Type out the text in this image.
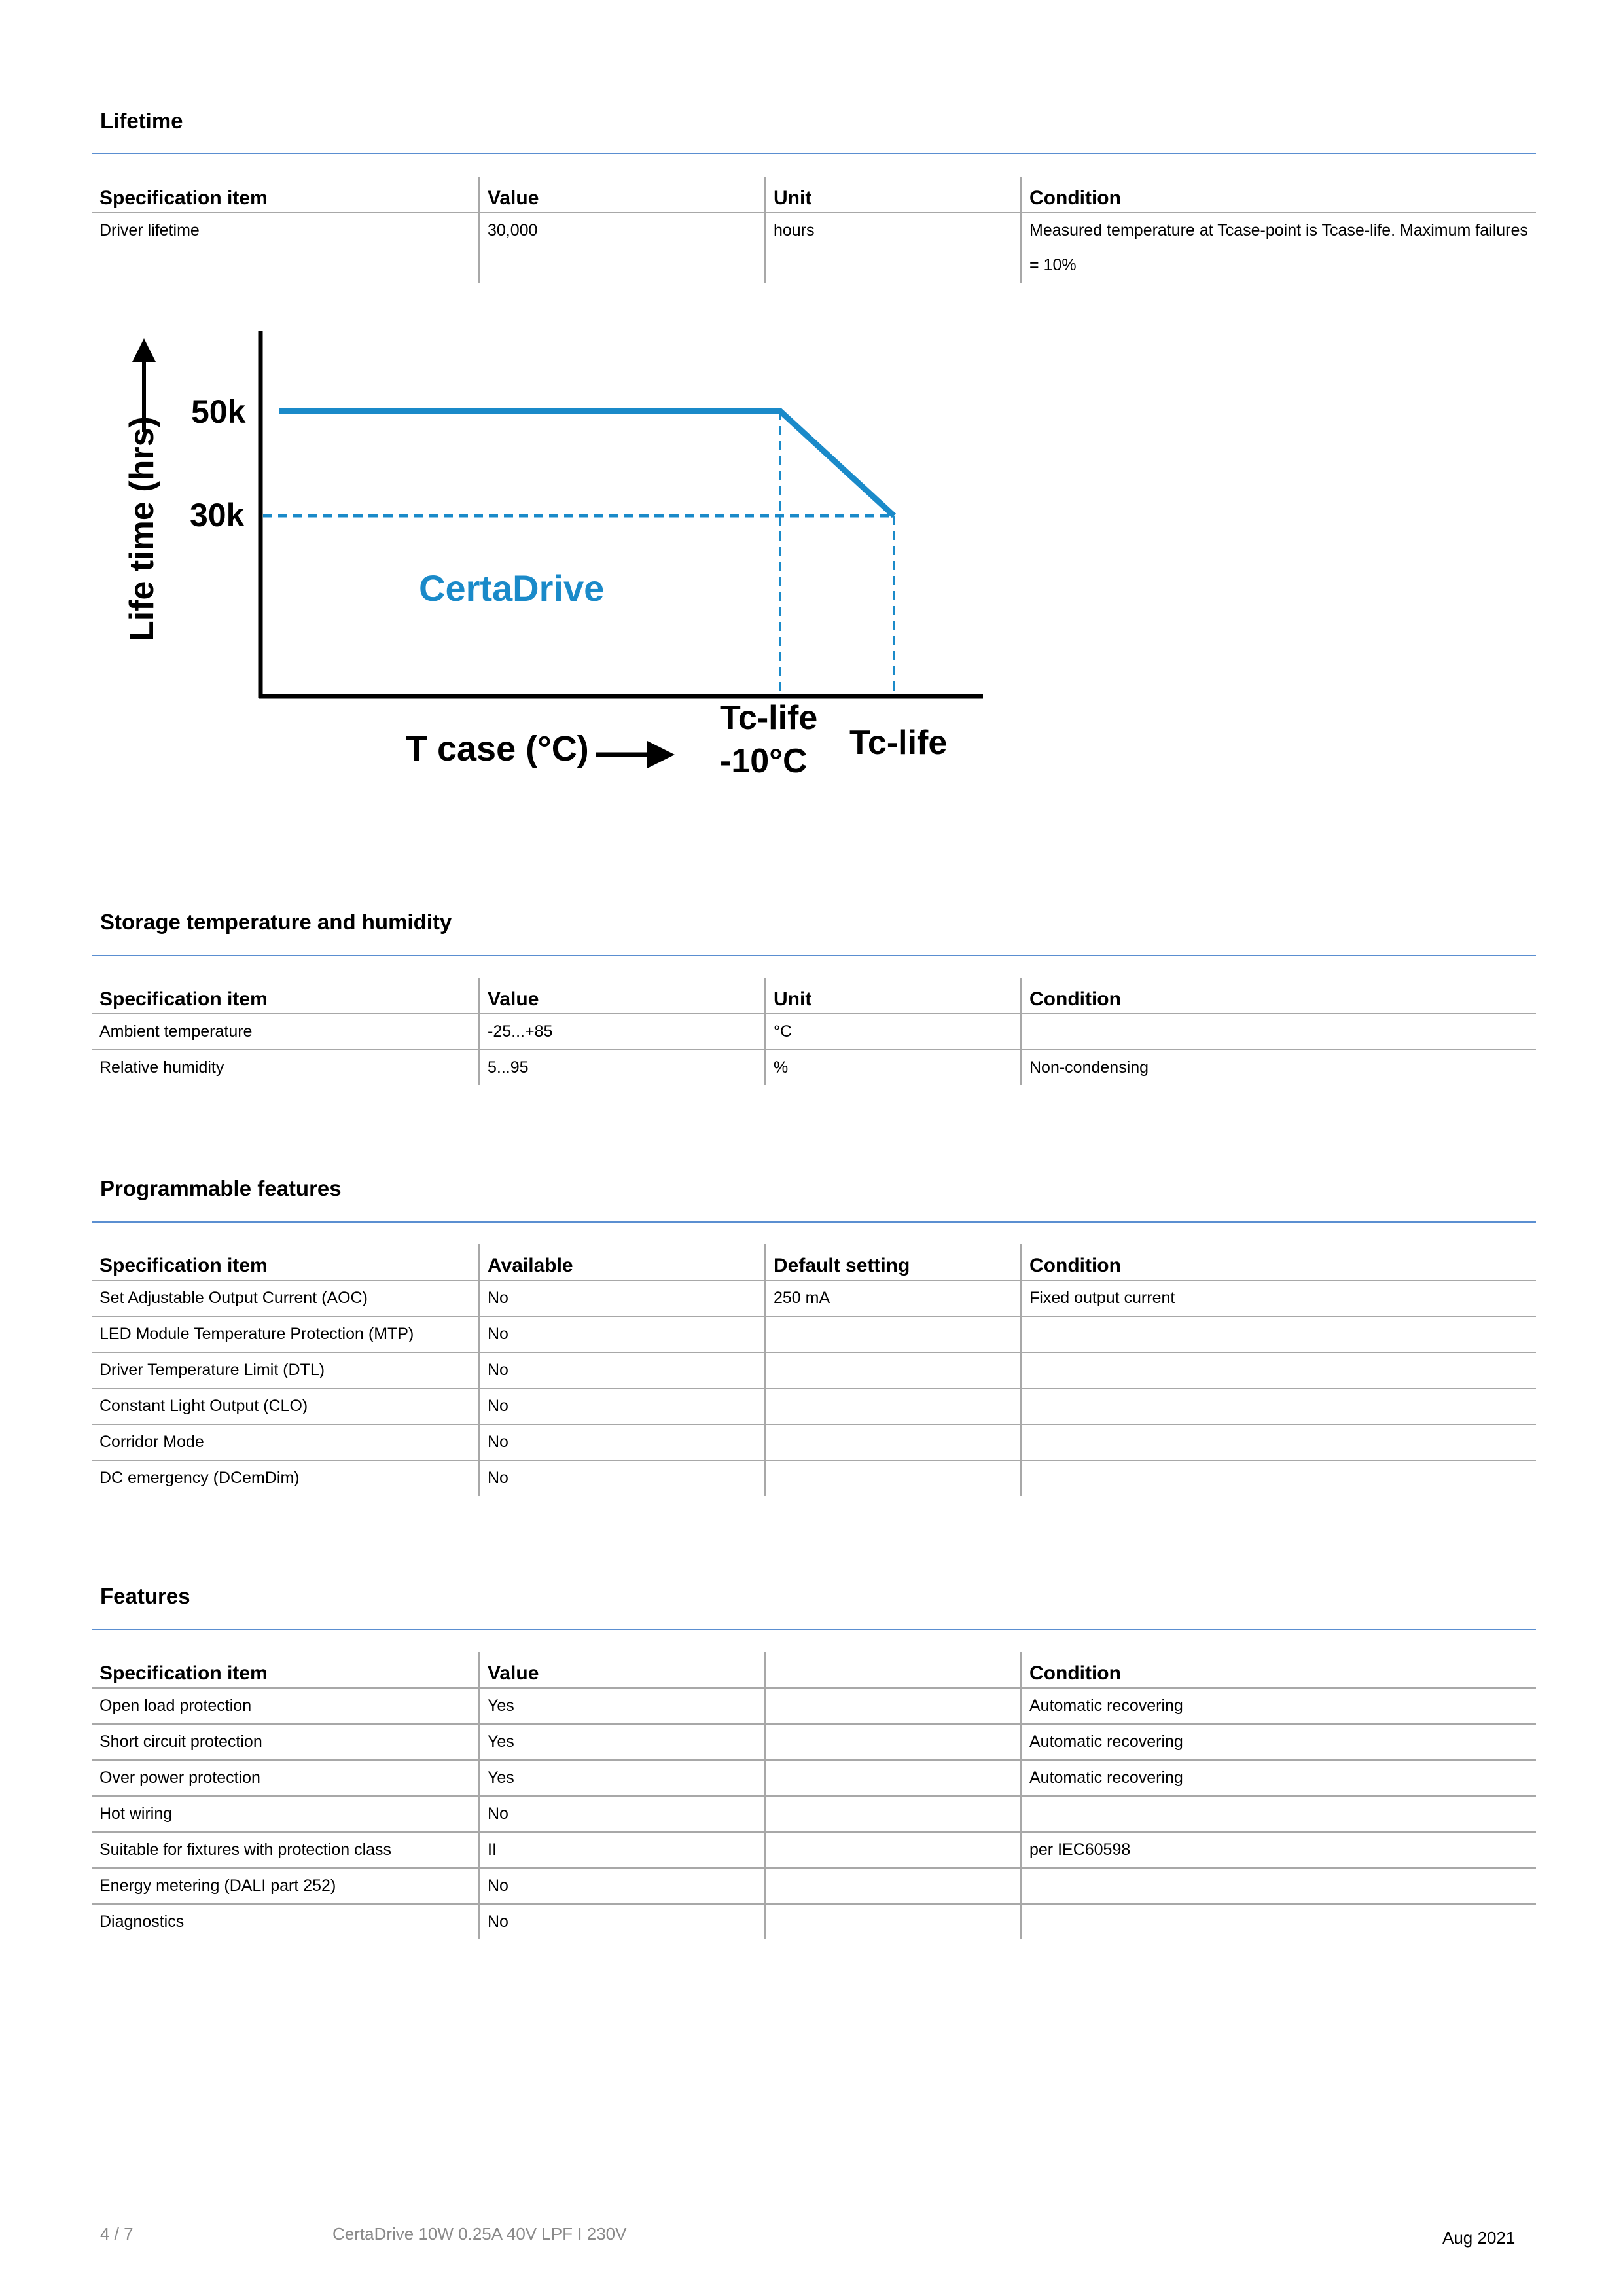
Lifetime
Specification item	Value	Unit	Condition
Driver lifetime	30,000	hours	Measured temperature at Tcase-point is Tcase-life. Maximum failures = 10%
Life time (hrs)
50k
30k
CertaDrive
T case (°C)
Tc-life -10°C	Tc-life
Storage temperature and humidity
Specification item	Value	Unit	Condition
Ambient temperature	-25...+85	°C	
Relative humidity	5...95	%	Non-condensing
Programmable features
Specification item	Available	Default setting	Condition
Set Adjustable Output Current (AOC)	No	250 mA	Fixed output current
LED Module Temperature Protection (MTP)	No		
Driver Temperature Limit (DTL)	No		
Constant Light Output (CLO)	No		
Corridor Mode	No		
DC emergency (DCemDim)	No		
Features
Specification item	Value		Condition
Open load protection	Yes		Automatic recovering
Short circuit protection	Yes		Automatic recovering
Over power protection	Yes		Automatic recovering
Hot wiring	No		
Suitable for fixtures with protection class	II		per IEC60598
Energy metering (DALI part 252)	No		
Diagnostics	No		
4 / 7	CertaDrive 10W 0.25A 40V LPF I 230V	Aug 2021
